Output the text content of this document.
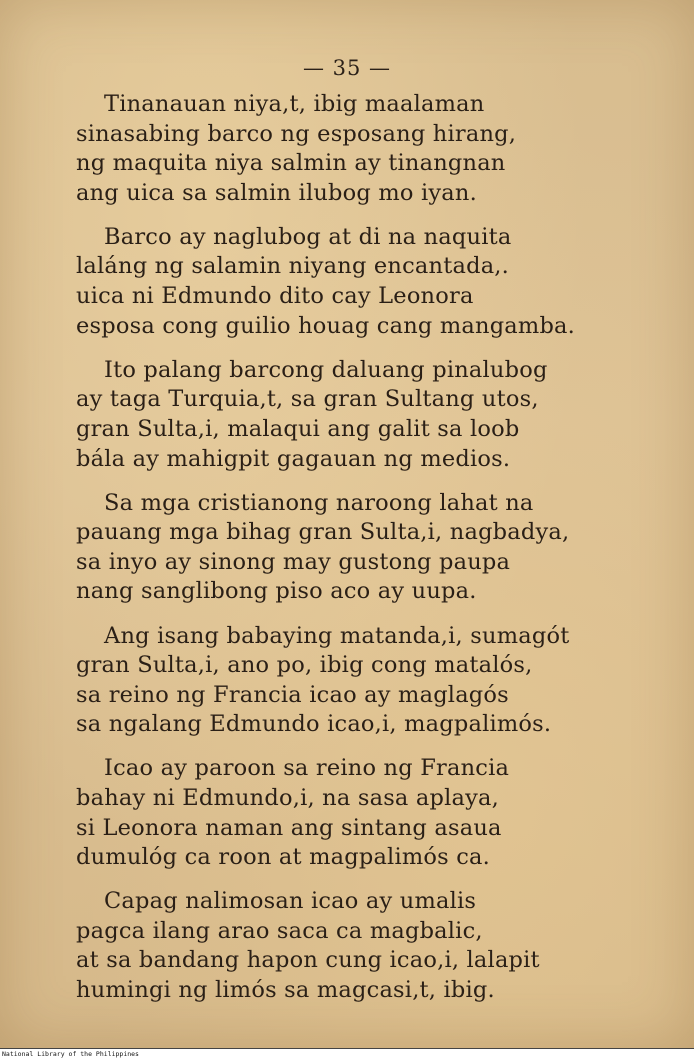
— 35 —
Tinanauan niya,t, ibig maalaman
sinasabing barco ng esposang hirang,
ng maquita niya salmin ay tinangnan
ang uica sa salmin ilubog mo iyan.
Barco ay naglubog at di na naquita
laláng ng salamin niyang encantada,.
uica ni Edmundo dito cay Leonora
esposa cong guilio houag cang mangamba.
Ito palang barcong daluang pinalubog
ay taga Turquia,t, sa gran Sultang utos,
gran Sulta,i, malaqui ang galit sa loob
bála ay mahigpit gagauan ng medios.
Sa mga cristianong naroong lahat na
pauang mga bihag gran Sulta,i, nagbadya,
sa inyo ay sinong may gustong paupa
nang sanglibong piso aco ay uupa.
Ang isang babaying matanda,i, sumagót
gran Sulta,i, ano po, ibig cong matalós,
sa reino ng Francia icao ay maglagós
sa ngalang Edmundo icao,i, magpalimós.
Icao ay paroon sa reino ng Francia
bahay ni Edmundo,i, na sasa aplaya,
si Leonora naman ang sintang asaua
dumulóg ca roon at magpalimós ca.
Capag nalimosan icao ay umalis
pagca ilang arao saca ca magbalic,
at sa bandang hapon cung icao,i, lalapit
humingi ng limós sa magcasi,t, ibig.
National Library of the Philippines
